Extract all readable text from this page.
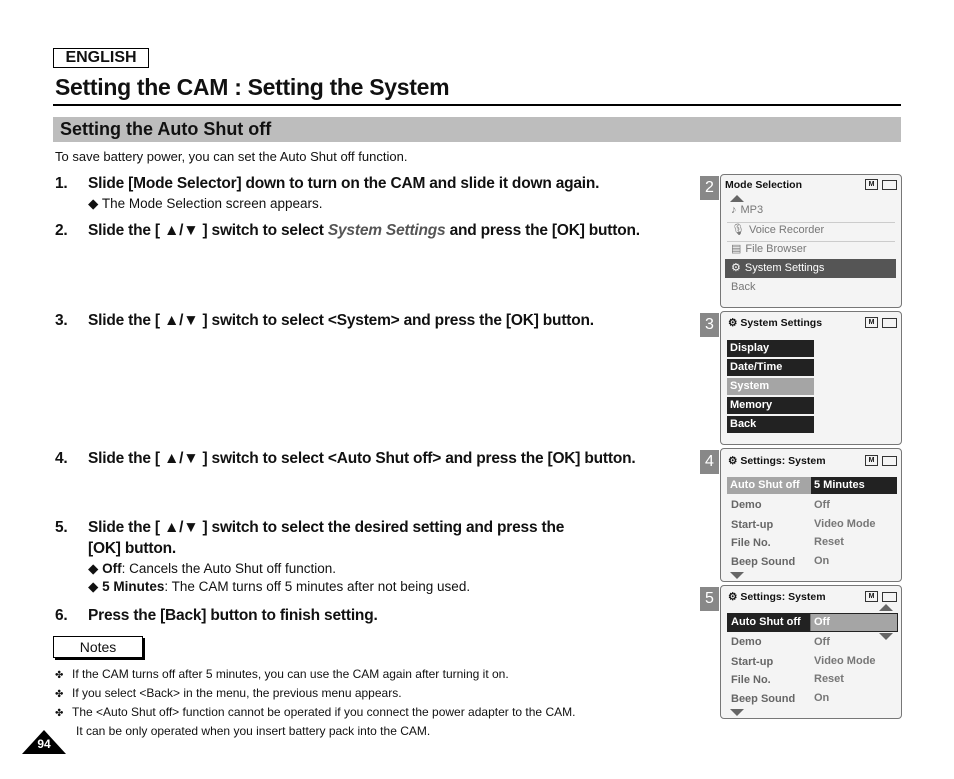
ENGLISH
Setting the CAM : Setting the System
Setting the Auto Shut off
To save battery power, you can set the Auto Shut off function.
1. Slide [Mode Selector] down to turn on the CAM and slide it down again.
◆ The Mode Selection screen appears.
2. Slide the [ ▲/▼ ] switch to select System Settings and press the [OK] button.
3. Slide the [ ▲/▼ ] switch to select <System> and press the [OK] button.
4. Slide the [ ▲/▼ ] switch to select <Auto Shut off> and press the [OK] button.
5. Slide the [ ▲/▼ ] switch to select the desired setting and press the
[OK] button.
◆ Off: Cancels the Auto Shut off function.
◆ 5 Minutes: The CAM turns off 5 minutes after not being used.
6. Press the [Back] button to finish setting.
Notes
✤ If the CAM turns off after 5 minutes, you can use the CAM again after turning it on.
✤ If you select <Back> in the menu, the previous menu appears.
✤ The <Auto Shut off> function cannot be operated if you connect the power adapter to the CAM.
It can be only operated when you insert battery pack into the CAM.
94
2	Mode Selection	M
♪ MP3
🎙 Voice Recorder
▤ File Browser
⚙ System Settings
Back
3	⚙ System Settings	M
Display
Date/Time
System
Memory
Back
4	⚙ Settings: System	M
Auto Shut off	5 Minutes
Demo	Off
Start-up	Video Mode
File No.	Reset
Beep Sound On
5	⚙ Settings: System	M
Auto Shut off	Off
Demo	Off
Start-up	Video Mode
File No.	Reset
Beep Sound On
